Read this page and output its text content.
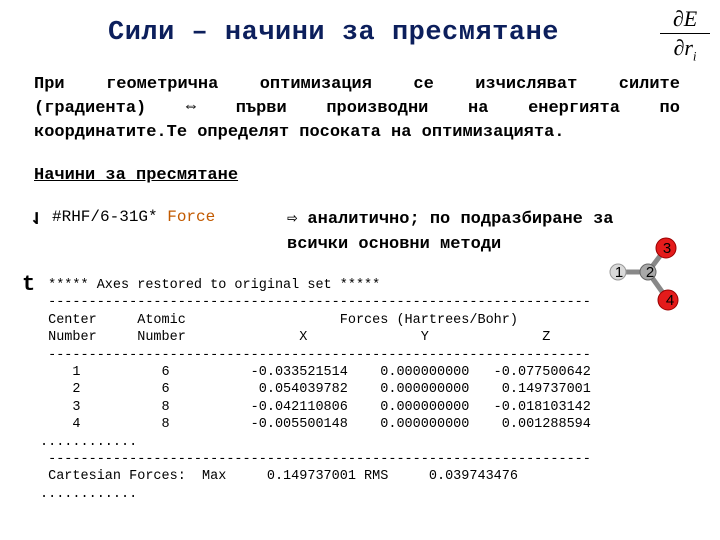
Сили – начини за пресмятане	$\frac{\partial E}{\partial r_i}$
При геометрична оптимизация се изчисляват силите
(градиента) ⇔ първи производни на енергията по
координатите.Те определят посоката на оптимизацията.
Начини за пресмятане
⇃ #RHF/6-31G* Force	⇨ аналитично; по подразбиране за
всички основни методи
t ***** Axes restored to original set *****
-------------------------------------------------------------------
Center     Atomic                   Forces (Hartrees/Bohr)
Number     Number              X              Y              Z
-------------------------------------------------------------------
1          6          -0.033521514    0.000000000   -0.077500642
2          6           0.054039782    0.000000000    0.149737001
3          8          -0.042110806    0.000000000   -0.018103142
4          8          -0.005500148    0.000000000    0.001288594
............
-------------------------------------------------------------------
Cartesian Forces:  Max     0.149737001 RMS     0.039743476
............
1 2
3
4
